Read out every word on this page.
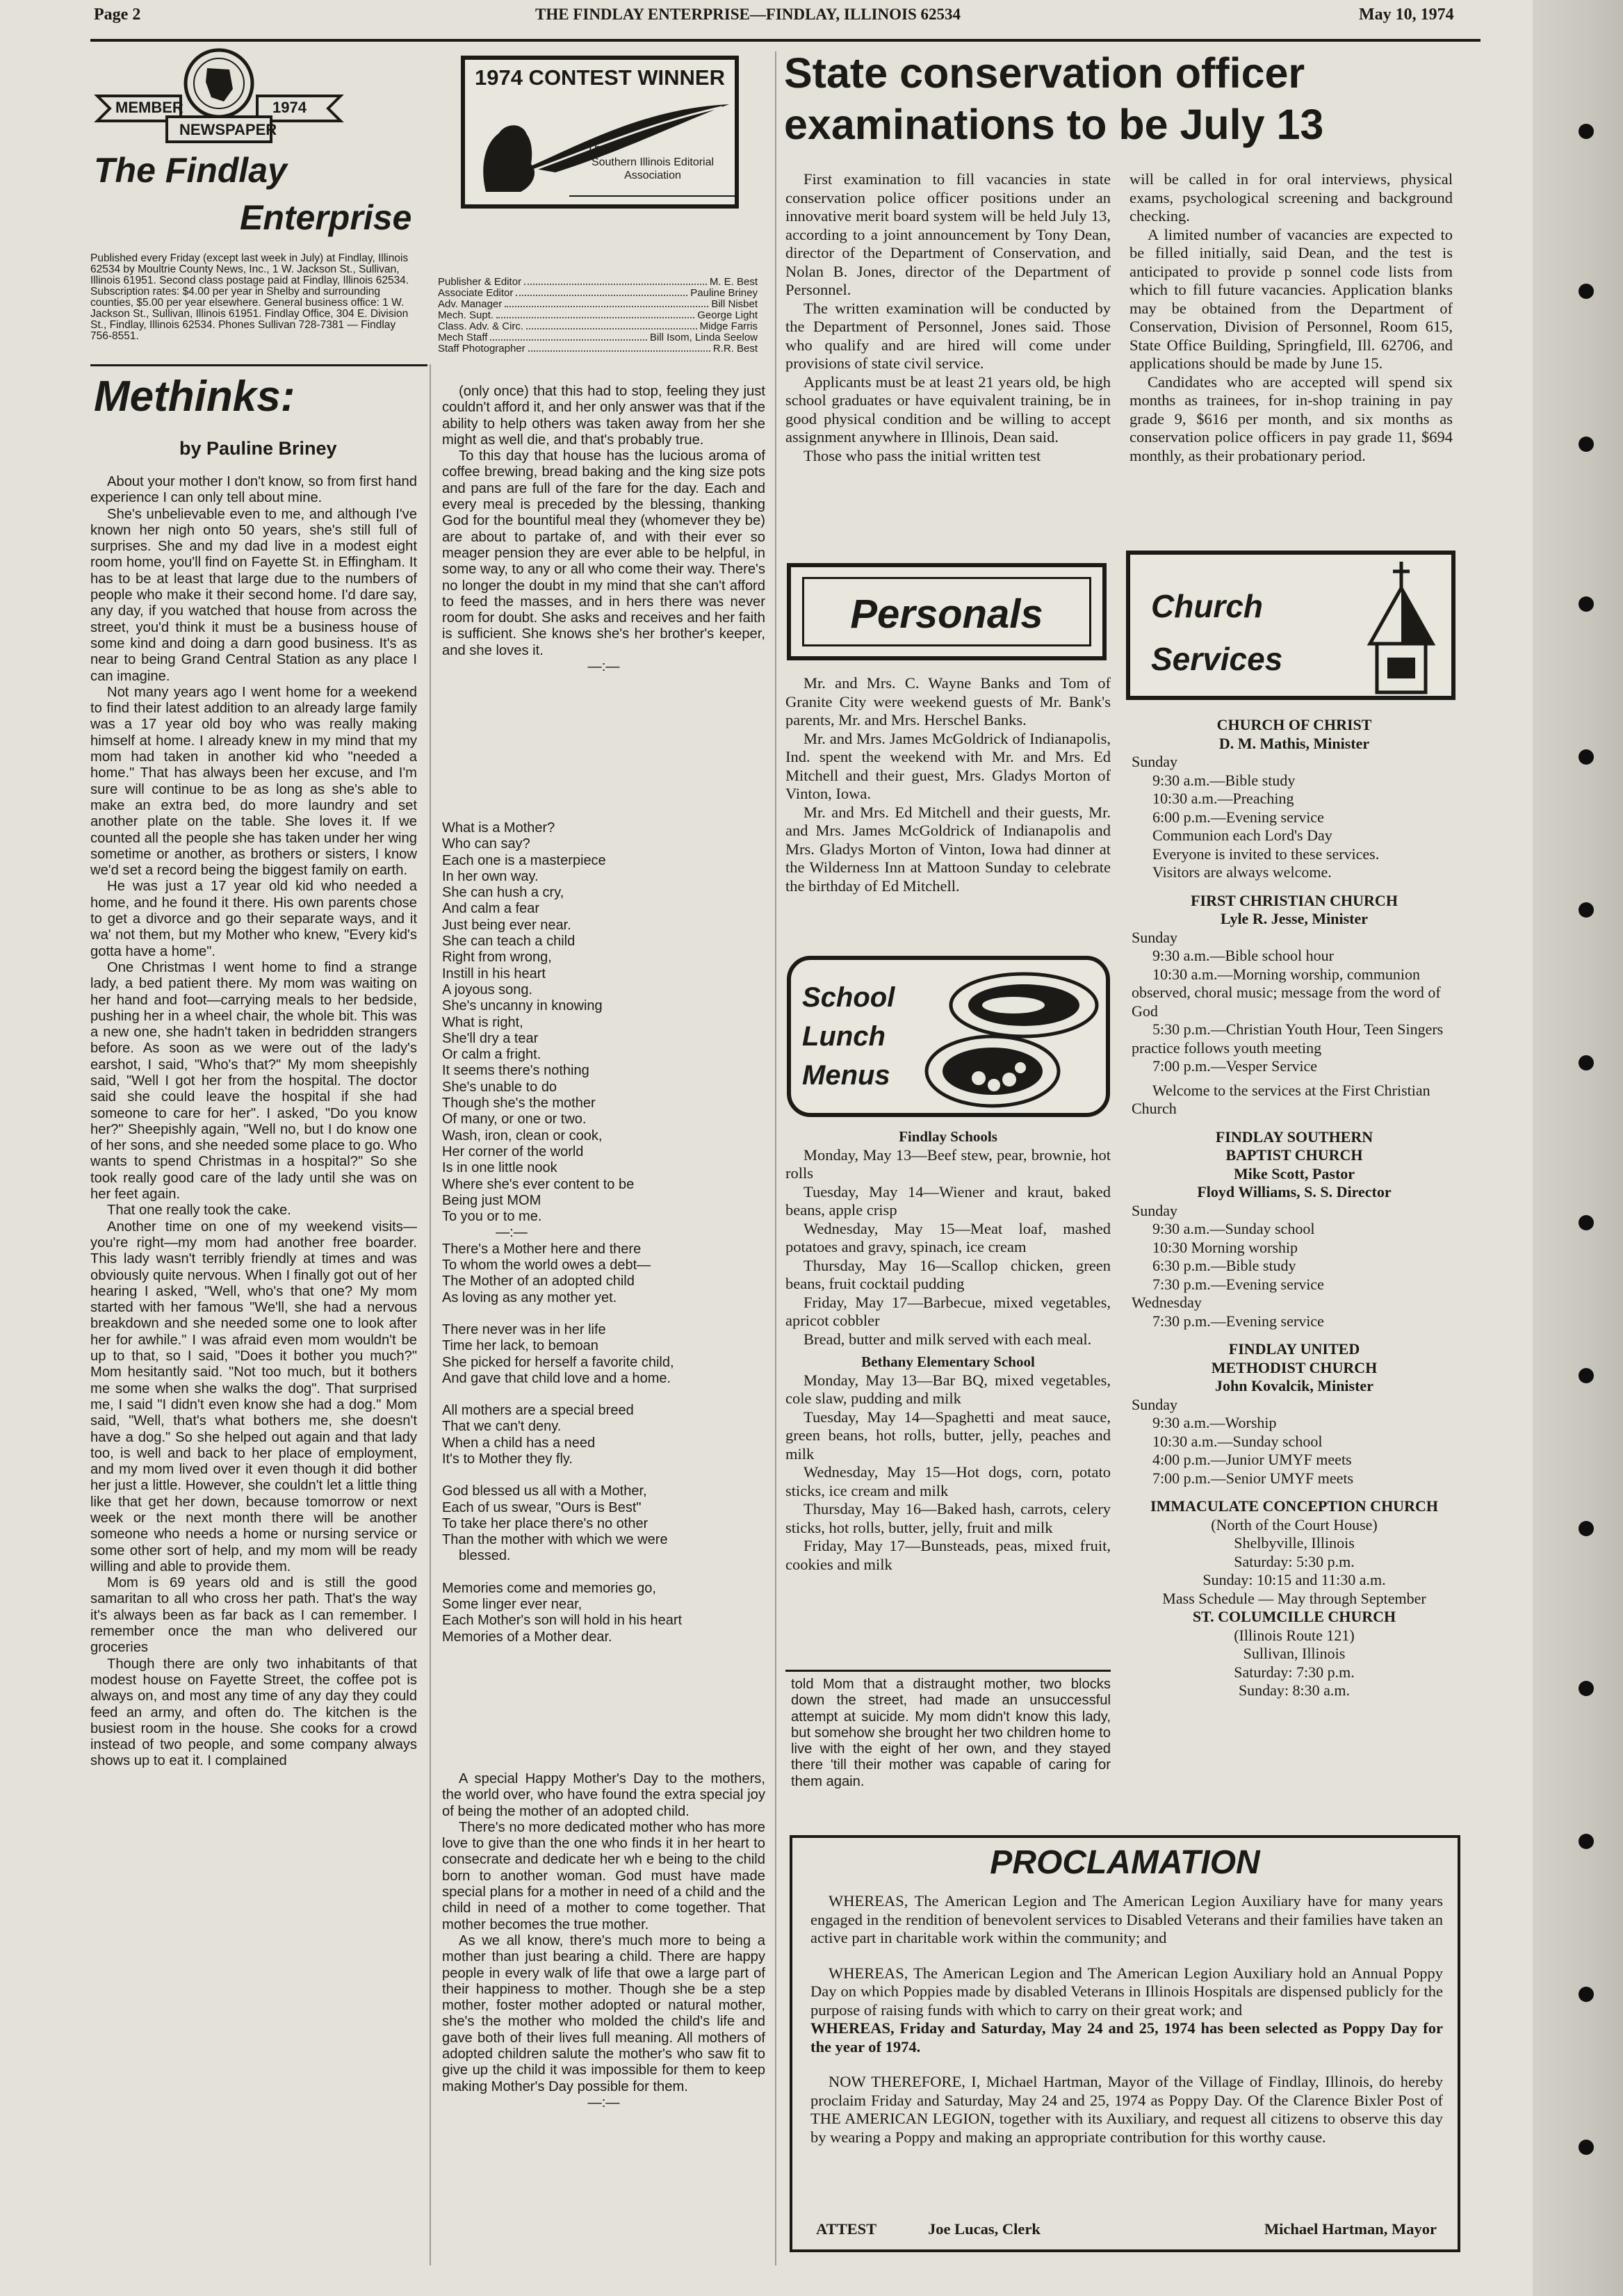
Page 2	THE FINDLAY ENTERPRISE—FINDLAY, ILLINOIS 62534	May 10, 1974
MEMBER	1974
NEWSPAPER
The Findlay
Enterprise
Published every Friday (except last week in July) at Findlay, Illinois 62534 by Moultrie County News, Inc., 1 W. Jackson St., Sullivan, Illinois 61951. Second class postage paid at Findlay, Illinois 62534. Subscription rates: $4.00 per year in Shelby and surrounding counties, $5.00 per year elsewhere. General business office: 1 W. Jackson St., Sullivan, Illinois 61951. Findlay Office, 304 E. Division St., Findlay, Illinois 62534. Phones Sullivan 728-7381 — Findlay 756-8551.
Publisher & Editor	M. E. Best
Associate Editor	Pauline Briney
Adv. Manager	Bill Nisbet
Mech. Supt.	George Light
Class. Adv. & Circ.	Midge Farris
Mech Staff	Bill Isom, Linda Seelow
Staff Photographer	R.R. Best
1974 CONTEST WINNER
The
Southern Illinois Editorial Association
Methinks:
by Pauline Briney

About your mother I don't know, so from first hand experience I can only tell about mine.

She's unbelievable even to me, and although I've known her nigh onto 50 years, she's still full of surprises. She and my dad live in a modest eight room home, you'll find on Fayette St. in Effingham. It has to be at least that large due to the numbers of people who make it their second home. I'd dare say, any day, if you watched that house from across the street, you'd think it must be a business house of some kind and doing a darn good business. It's as near to being Grand Central Station as any place I can imagine.

Not many years ago I went home for a weekend to find their latest addition to an already large family was a 17 year old boy who was really making himself at home. I already knew in my mind that my mom had taken in another kid who "needed a home." That has always been her excuse, and I'm sure will continue to be as long as she's able to make an extra bed, do more laundry and set another plate on the table. She loves it. If we counted all the people she has taken under her wing sometime or another, as brothers or sisters, I know we'd set a record being the biggest family on earth.

He was just a 17 year old kid who needed a home, and he found it there. His own parents chose to get a divorce and go their separate ways, and it wa' not them, but my Mother who knew, "Every kid's gotta have a home".

One Christmas I went home to find a strange lady, a bed patient there. My mom was waiting on her hand and foot—carrying meals to her bedside, pushing her in a wheel chair, the whole bit. This was a new one, she hadn't taken in bedridden strangers before. As soon as we were out of the lady's earshot, I said, "Who's that?" My mom sheepishly said, "Well I got her from the hospital. The doctor said she could leave the hospital if she had someone to care for her". I asked, "Do you know her?" Sheepishly again, "Well no, but I do know one of her sons, and she needed some place to go. Who wants to spend Christmas in a hospital?" So she took really good care of the lady until she was on her feet again.

That one really took the cake.

Another time on one of my weekend visits—you're right—my mom had another free boarder. This lady wasn't terribly friendly at times and was obviously quite nervous. When I finally got out of her hearing I asked, "Well, who's that one? My mom started with her famous "We'll, she had a nervous breakdown and she needed some one to look after her for awhile." I was afraid even mom wouldn't be up to that, so I said, "Does it bother you much?" Mom hesitantly said. "Not too much, but it bothers me some when she walks the dog". That surprised me, I said "I didn't even know she had a dog." Mom said, "Well, that's what bothers me, she doesn't have a dog." So she helped out again and that lady too, is well and back to her place of employment, and my mom lived over it even though it did bother her just a little. However, she couldn't let a little thing like that get her down, because tomorrow or next week or the next month there will be another someone who needs a home or nursing service or some other sort of help, and my mom will be ready willing and able to provide them.

Mom is 69 years old and is still the good samaritan to all who cross her path. That's the way it's always been as far back as I can remember. I remember once the man who delivered our groceries

Though there are only two inhabitants of that modest house on Fayette Street, the coffee pot is always on, and most any time of any day they could feed an army, and often do. The kitchen is the busiest room in the house. She cooks for a crowd instead of two people, and some company always shows up to eat it. I complained

(only once) that this had to stop, feeling they just couldn't afford it, and her only answer was that if the ability to help others was taken away from her she might as well die, and that's probably true.

To this day that house has the lucious aroma of coffee brewing, bread baking and the king size pots and pans are full of the fare for the day. Each and every meal is preceded by the blessing, thanking God for the bountiful meal they (whomever they be) are about to partake of, and with their ever so meager pension they are ever able to be helpful, in some way, to any or all who come their way. There's no longer the doubt in my mind that she can't afford to feed the masses, and in hers there was never room for doubt. She asks and receives and her faith is sufficient. She knows she's her brother's keeper, and she loves it.

—:—
What is a Mother?
Who can say?
Each one is a masterpiece
In her own way.
She can hush a cry,
And calm a fear
Just being ever near.
She can teach a child
Right from wrong,
Instill in his heart
A joyous song.
She's uncanny in knowing
What is right,
She'll dry a tear
Or calm a fright.
It seems there's nothing
She's unable to do
Though she's the mother
Of many, or one or two.
Wash, iron, clean or cook,
Her corner of the world
Is in one little nook
Where she's ever content to be
Being just MOM
To you or to me.
—:—
There's a Mother here and there
To whom the world owes a debt—
The Mother of an adopted child
As loving as any mother yet.
There never was in her life
Time her lack, to bemoan
She picked for herself a favorite child,
And gave that child love and a home.
All mothers are a special breed
That we can't deny.
When a child has a need
It's to Mother they fly.
God blessed us all with a Mother,
Each of us swear, "Ours is Best"
To take her place there's no other
Than the mother with which we were
blessed.
Memories come and memories go,
Some linger ever near,
Each Mother's son will hold in his heart
Memories of a Mother dear.

A special Happy Mother's Day to the mothers, the world over, who have found the extra special joy of being the mother of an adopted child.

There's no more dedicated mother who has more love to give than the one who finds it in her heart to consecrate and dedicate her wh e being to the child born to another woman. God must have made special plans for a mother in need of a child and the child in need of a mother to come together. That mother becomes the true mother.

As we all know, there's much more to being a mother than just bearing a child. There are happy people in every walk of life that owe a large part of their happiness to mother. Though she be a step mother, foster mother adopted or natural mother, she's the mother who molded the child's life and gave both of their lives full meaning. All mothers of adopted children salute the mother's who saw fit to give up the child it was impossible for them to keep making Mother's Day possible for them.

—:—
State conservation officer
examinations to be July 13

First examination to fill vacancies in state conservation police officer positions under an innovative merit board system will be held July 13, according to a joint announcement by Tony Dean, director of the Department of Conservation, and Nolan B. Jones, director of the Department of Personnel.

The written examination will be conducted by the Department of Personnel, Jones said. Those who qualify and are hired will come under provisions of state civil service.

Applicants must be at least 21 years old, be high school graduates or have equivalent training, be in good physical condition and be willing to accept assignment anywhere in Illinois, Dean said.

Those who pass the initial written test

will be called in for oral interviews, physical exams, psychological screening and background checking.

A limited number of vacancies are expected to be filled initially, said Dean, and the test is anticipated to provide p sonnel code lists from which to fill future vacancies. Application blanks may be obtained from the Department of Conservation, Division of Personnel, Room 615, State Office Building, Springfield, Ill. 62706, and applications should be made by June 15.

Candidates who are accepted will spend six months as trainees, for in-shop training in pay grade 9, $616 per month, and six months as conservation police officers in pay grade 11, $694 monthly, as their probationary period.

Personals

Mr. and Mrs. C. Wayne Banks and Tom of Granite City were weekend guests of Mr. Bank's parents, Mr. and Mrs. Herschel Banks.

Mr. and Mrs. James McGoldrick of Indianapolis, Ind. spent the weekend with Mr. and Mrs. Ed Mitchell and their guest, Mrs. Gladys Morton of Vinton, Iowa.

Mr. and Mrs. Ed Mitchell and their guests, Mr. and Mrs. James McGoldrick of Indianapolis and Mrs. Gladys Morton of Vinton, Iowa had dinner at the Wilderness Inn at Mattoon Sunday to celebrate the birthday of Ed Mitchell.

School
Lunch
Menus

Findlay Schools

Monday, May 13—Beef stew, pear, brownie, hot rolls

Tuesday, May 14—Wiener and kraut, baked beans, apple crisp

Wednesday, May 15—Meat loaf, mashed potatoes and gravy, spinach, ice cream

Thursday, May 16—Scallop chicken, green beans, fruit cocktail pudding

Friday, May 17—Barbecue, mixed vegetables, apricot cobbler

Bread, butter and milk served with each meal.

Bethany Elementary School

Monday, May 13—Bar BQ, mixed vegetables, cole slaw, pudding and milk

Tuesday, May 14—Spaghetti and meat sauce, green beans, hot rolls, butter, jelly, peaches and milk

Wednesday, May 15—Hot dogs, corn, potato sticks, ice cream and milk

Thursday, May 16—Baked hash, carrots, celery sticks, hot rolls, butter, jelly, fruit and milk

Friday, May 17—Bunsteads, peas, mixed fruit, cookies and milk

told Mom that a distraught mother, two blocks down the street, had made an unsuccessful attempt at suicide. My mom didn't know this lady, but somehow she brought her two children home to live with the eight of her own, and they stayed there 'till their mother was capable of caring for them again.

Church
Services

CHURCH OF CHRIST

D. M. Mathis, Minister

Sunday

9:30 a.m.—Bible study

10:30 a.m.—Preaching

6:00 p.m.—Evening service

Communion each Lord's Day

Everyone is invited to these services.

Visitors are always welcome.

FIRST CHRISTIAN CHURCH

Lyle R. Jesse, Minister

Sunday

9:30 a.m.—Bible school hour

10:30 a.m.—Morning worship, communion observed, choral music; message from the word of God

5:30 p.m.—Christian Youth Hour, Teen Singers practice follows youth meeting

7:00 p.m.—Vesper Service

Welcome to the services at the First Christian Church

FINDLAY SOUTHERN

BAPTIST CHURCH

Mike Scott, Pastor

Floyd Williams, S. S. Director

Sunday

9:30 a.m.—Sunday school

10:30 Morning worship

6:30 p.m.—Bible study

7:30 p.m.—Evening service

Wednesday

7:30 p.m.—Evening service

FINDLAY UNITED

METHODIST CHURCH

John Kovalcik, Minister

Sunday

9:30 a.m.—Worship

10:30 a.m.—Sunday school

4:00 p.m.—Junior UMYF meets

7:00 p.m.—Senior UMYF meets

IMMACULATE CONCEPTION CHURCH

(North of the Court House)

Shelbyville, Illinois

Saturday: 5:30 p.m.

Sunday: 10:15 and 11:30 a.m.

Mass Schedule — May through September

ST. COLUMCILLE CHURCH

(Illinois Route 121)

Sullivan, Illinois

Saturday: 7:30 p.m.

Sunday: 8:30 a.m.

PROCLAMATION

WHEREAS, The American Legion and The American Legion Auxiliary have for many years engaged in the rendition of benevolent services to Disabled Veterans and their families have taken an active part in charitable work within the community; and

WHEREAS, The American Legion and The American Legion Auxiliary hold an Annual Poppy Day on which Poppies made by disabled Veterans in Illinois Hospitals are dispensed publicly for the purpose of raising funds with which to carry on their great work; and

WHEREAS, Friday and Saturday, May 24 and 25, 1974 has been selected as Poppy Day for the year of 1974.

NOW THEREFORE, I, Michael Hartman, Mayor of the Village of Findlay, Illinois, do hereby proclaim Friday and Saturday, May 24 and 25, 1974 as Poppy Day. Of the Clarence Bixler Post of THE AMERICAN LEGION, together with its Auxiliary, and request all citizens to observe this day by wearing a Poppy and making an appropriate contribution for this worthy cause.

ATTEST	Joe Lucas, Clerk	Michael Hartman, Mayor
